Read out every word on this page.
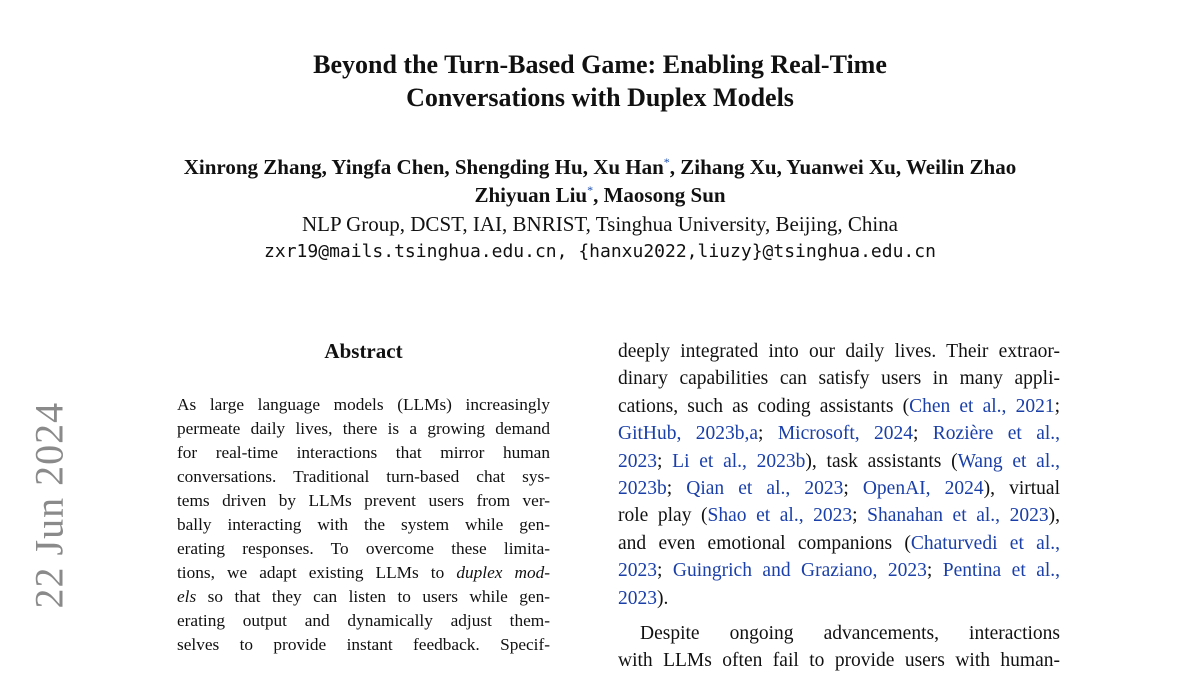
22 Jun 2024
Beyond the Turn-Based Game: Enabling Real-Time
Conversations with Duplex Models
Xinrong Zhang, Yingfa Chen, Shengding Hu, Xu Han*, Zihang Xu, Yuanwei Xu, Weilin Zhao
Zhiyuan Liu*, Maosong Sun
NLP Group, DCST, IAI, BNRIST, Tsinghua University, Beijing, China
zxr19@mails.tsinghua.edu.cn, {hanxu2022,liuzy}@tsinghua.edu.cn
Abstract
As large language models (LLMs) increasingly
permeate daily lives, there is a growing demand
for real-time interactions that mirror human
conversations. Traditional turn-based chat sys-
tems driven by LLMs prevent users from ver-
bally interacting with the system while gen-
erating responses. To overcome these limita-
tions, we adapt existing LLMs to duplex mod-
els so that they can listen to users while gen-
erating output and dynamically adjust them-
selves to provide instant feedback. Specif-
deeply integrated into our daily lives. Their extraor-
dinary capabilities can satisfy users in many appli-
cations, such as coding assistants (Chen et al., 2021;
GitHub, 2023b,a; Microsoft, 2024; Rozière et al.,
2023; Li et al., 2023b), task assistants (Wang et al.,
2023b; Qian et al., 2023; OpenAI, 2024), virtual
role play (Shao et al., 2023; Shanahan et al., 2023),
and even emotional companions (Chaturvedi et al.,
2023; Guingrich and Graziano, 2023; Pentina et al.,
2023).
Despite ongoing advancements, interactions
with LLMs often fail to provide users with human-
